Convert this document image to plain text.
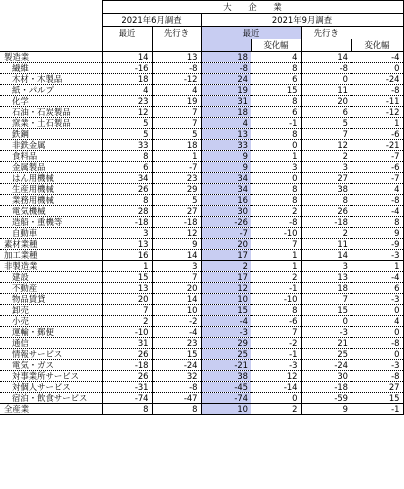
	大　　企　　業					
	2021年6月調査		2021年9月調査			
	最近	先行き	最近		先行き	
				変化幅		変化幅
製造業	14	13	18	4	14	-4
繊維	-16	-8	-8	8	-8	0
木材・木製品	18	-12	24	6	0	-24
紙・パルプ	4	4	19	15	11	-8
化学	23	19	31	8	20	-11
石油・石炭製品	12	7	18	6	6	-12
窯業・土石製品	5	7	4	-1	5	1
鉄鋼	5	5	13	8	7	-6
非鉄金属	33	18	33	0	12	-21
食料品	8	1	9	1	2	-7
金属製品	6	-7	9	3	3	-6
はん用機械	34	23	34	0	27	-7
生産用機械	26	29	34	8	38	4
業務用機械	8	5	16	8	8	-8
電気機械	28	27	30	2	26	-4
造船・重機等	-18	-18	-26	-8	-18	8
自動車	3	12	-7	-10	2	9
素材業種	13	9	20	7	11	-9
加工業種	16	14	17	1	14	-3
非製造業	1	3	2	1	3	1
建設	15	7	17	2	13	-4
不動産	13	20	12	-1	18	6
物品賃貸	20	14	10	-10	7	-3
卸売	7	10	15	8	15	0
小売	2	-2	-4	-6	0	4
運輸・郵便	-10	-4	-3	7	-3	0
通信	31	23	29	-2	21	-8
情報サービス	26	15	25	-1	25	0
電気・ガス	-18	-24	-21	-3	-24	-3
対事業所サービス	26	32	38	12	30	-8
対個人サービス	-31	-8	-45	-14	-18	27
宿泊・飲食サービス	-74	-47	-74	0	-59	15
全産業	8	8	10	2	9	-1
